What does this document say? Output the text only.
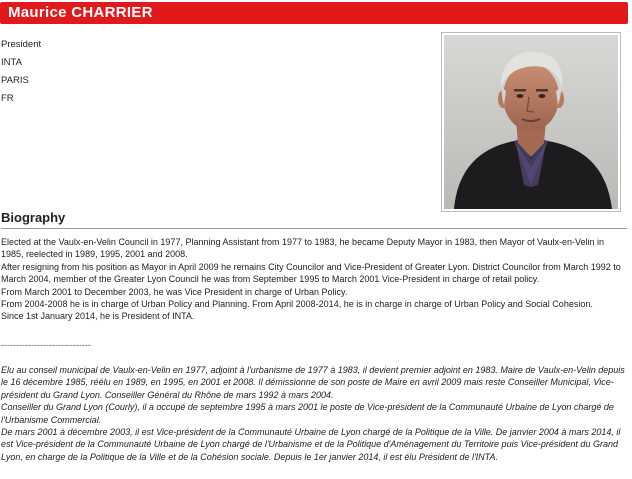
Maurice CHARRIER
President
INTA
PARIS
FR
Biography

Elected at the Vaulx-en-Velin Council in 1977, Planning Assistant from 1977 to 1983, he became Deputy Mayor in 1983, then Mayor of Vaulx-en-Velin in 1985, reelected in 1989, 1995, 2001 and 2008.

After resigning from his position as Mayor in April 2009 he remains City Councilor and Vice-President of Greater Lyon. District Councilor from March 1992 to March 2004, member of the Greater Lyon Council he was from September 1995 to March 2001 Vice-President in charge of retail policy.

From March 2001 to December 2003, he was Vice President in charge of Urban Policy.

From 2004-2008 he is in charge of Urban Policy and Planning. From April 2008-2014, he is in charge in charge of Urban Policy and Social Cohesion.

Since 1st January 2014, he is President of INTA.

------------------------------

Elu au conseil municipal de Vaulx-en-Velin en 1977, adjoint à l'urbanisme de 1977 à 1983, il devient premier adjoint en 1983. Maire de Vaulx-en-Velin depuis le 16 décembre 1985, réélu en 1989, en 1995, en 2001 et 2008. Il démissionne de son poste de Maire en avril 2009 mais reste Conseiller Municipal, Vice-président du Grand Lyon. Conseiller Général du Rhône de mars 1992 à mars 2004.

Conseiller du Grand Lyon (Courly), il a occupé de septembre 1995 à mars 2001 le poste de Vice-président de la Communauté Urbaine de Lyon chargé de l'Urbanisme Commercial.

De mars 2001 à décembre 2003, il est Vice-président de la Communauté Urbaine de Lyon chargé de la Politique de la Ville. De janvier 2004 à mars 2014, il est Vice-président de la Communauté Urbaine de Lyon chargé de l'Urbanisme et de la Politique d'Aménagement du Territoire puis Vice-président du Grand Lyon, en charge de la Politique de la Ville et de la Cohésion sociale. Depuis le 1er janvier 2014, il est élu Président de l'INTA.
